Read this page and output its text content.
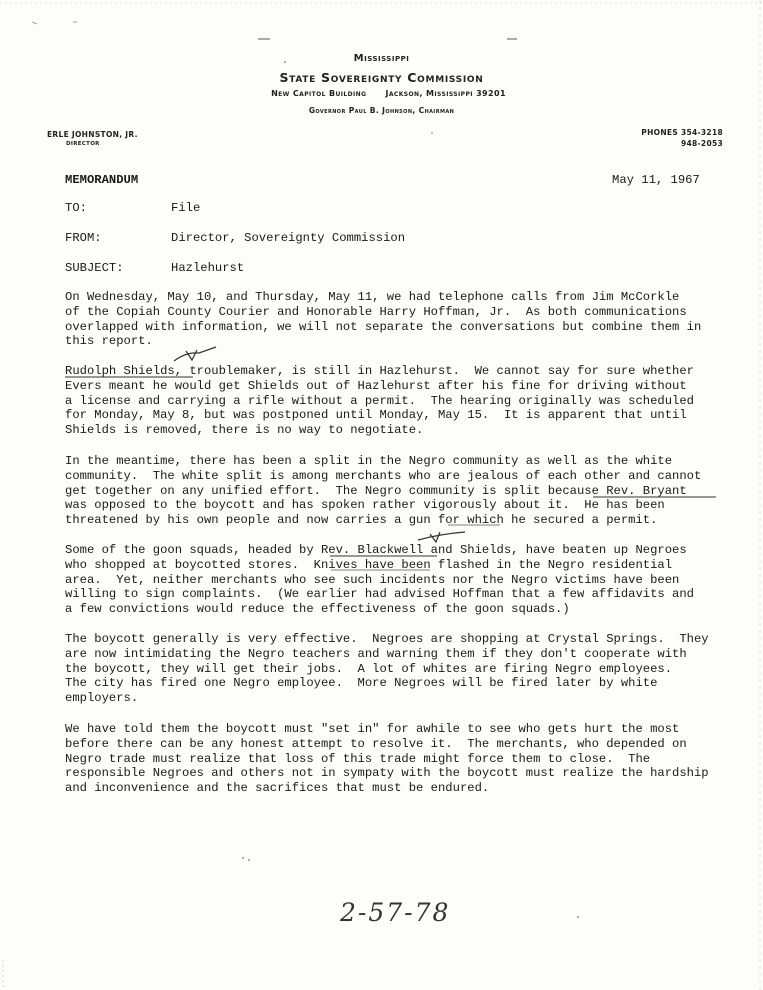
Mississippi
State Sovereignty Commission
New Capitol Building      Jackson, Mississippi 39201
Governor Paul B. Johnson, Chairman
ERLE JOHNSTON, JR.
DIRECTOR
PHONES 354-3218
948-2053
MEMORANDUM	May 11, 1967
TO:	File
FROM:	Director, Sovereignty Commission
SUBJECT:	Hazlehurst
On Wednesday, May 10, and Thursday, May 11, we had telephone calls from Jim McCorkle
of the Copiah County Courier and Honorable Harry Hoffman, Jr.  As both communications
overlapped with information, we will not separate the conversations but combine them in
this report.
Rudolph Shields, troublemaker, is still in Hazlehurst.  We cannot say for sure whether
Evers meant he would get Shields out of Hazlehurst after his fine for driving without
a license and carrying a rifle without a permit.  The hearing originally was scheduled
for Monday, May 8, but was postponed until Monday, May 15.  It is apparent that until
Shields is removed, there is no way to negotiate.
In the meantime, there has been a split in the Negro community as well as the white
community.  The white split is among merchants who are jealous of each other and cannot
get together on any unified effort.  The Negro community is split because Rev. Bryant
was opposed to the boycott and has spoken rather vigorously about it.  He has been
threatened by his own people and now carries a gun for which he secured a permit.
Some of the goon squads, headed by Rev. Blackwell and Shields, have beaten up Negroes
who shopped at boycotted stores.  Knives have been flashed in the Negro residential
area.  Yet, neither merchants who see such incidents nor the Negro victims have been
willing to sign complaints.  (We earlier had advised Hoffman that a few affidavits and
a few convictions would reduce the effectiveness of the goon squads.)
The boycott generally is very effective.  Negroes are shopping at Crystal Springs.  They
are now intimidating the Negro teachers and warning them if they don't cooperate with
the boycott, they will get their jobs.  A lot of whites are firing Negro employees.
The city has fired one Negro employee.  More Negroes will be fired later by white
employers.
We have told them the boycott must "set in" for awhile to see who gets hurt the most
before there can be any honest attempt to resolve it.  The merchants, who depended on
Negro trade must realize that loss of this trade might force them to close.  The
responsible Negroes and others not in sympaty with the boycott must realize the hardship
and inconvenience and the sacrifices that must be endured.
2-57-78
